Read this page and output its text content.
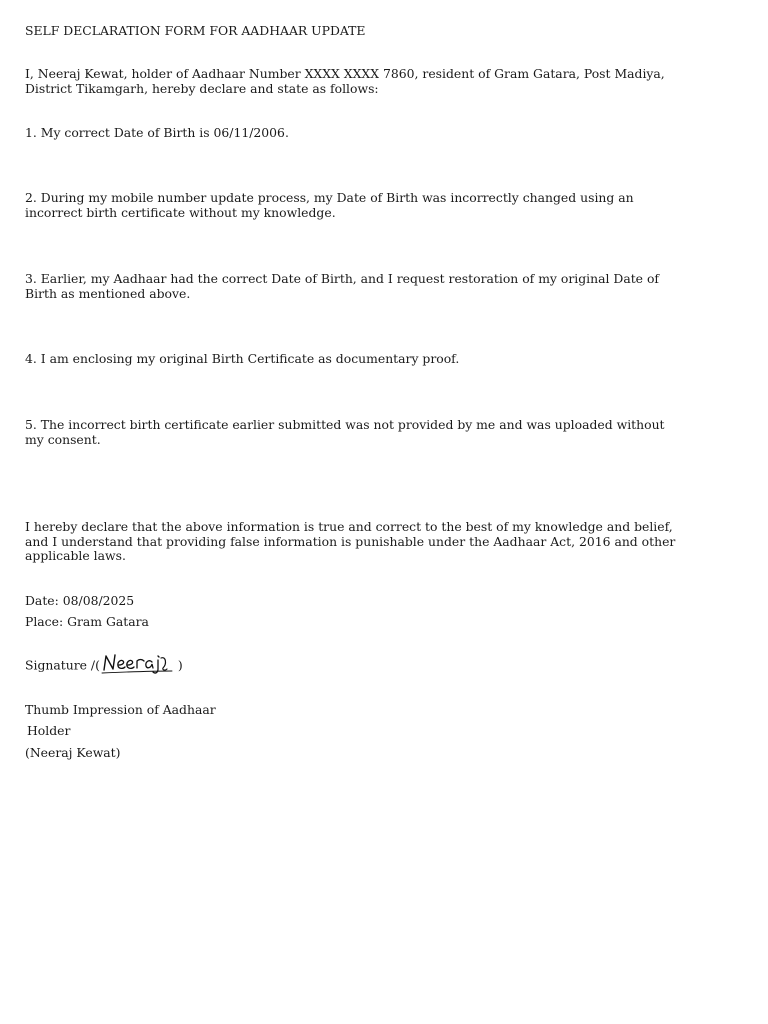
SELF DECLARATION FORM FOR AADHAAR UPDATE

I, Neeraj Kewat, holder of Aadhaar Number XXXX XXXX 7860, resident of Gram Gatara, Post Madiya, District Tikamgarh, hereby declare and state as follows:

1. My correct Date of Birth is 06/11/2006.

2. During my mobile number update process, my Date of Birth was incorrectly changed using an incorrect birth certificate without my knowledge.

3. Earlier, my Aadhaar had the correct Date of Birth, and I request restoration of my original Date of Birth as mentioned above.

4. I am enclosing my original Birth Certificate as documentary proof.

5. The incorrect birth certificate earlier submitted was not provided by me and was uploaded without my consent.

I hereby declare that the above information is true and correct to the best of my knowledge and belief, and I understand that providing false information is punishable under the Aadhaar Act, 2016 and other applicable laws.

Date: 08/08/2025

Place: Gram Gatara

Signature /(	)

Thumb Impression of Aadhaar

Holder

(Neeraj Kewat)
